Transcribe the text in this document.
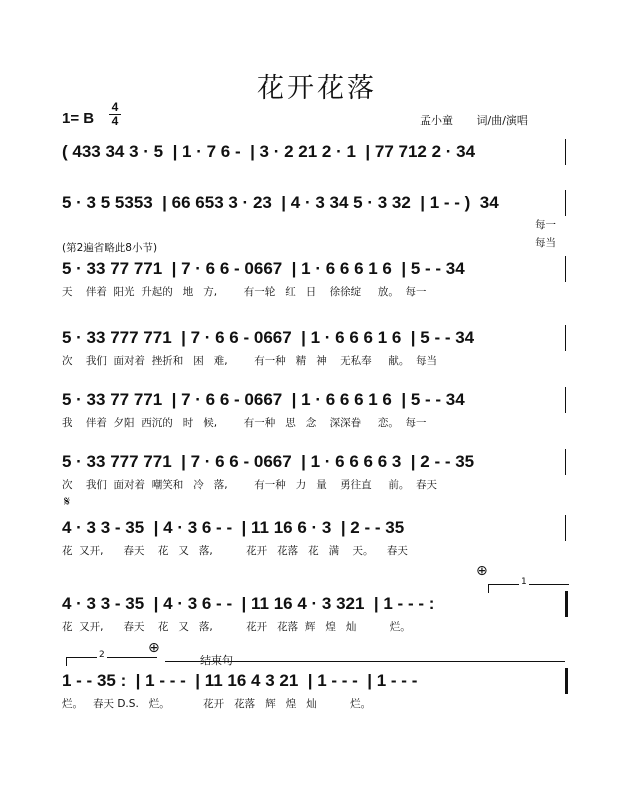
花开花落
1= B
4
4	孟小童 词/曲/演唱
( 433 34 3 · 5  | 1 · 7 6 -  | 3 · 2 21 2 · 1  | 77 712 2 · 34
5 · 3 5 5353  | 66 653 3 · 23  | 4 · 3 34 5 · 3 32  | 1 - - )  34
每一
每当
(第2遍省略此8小节)
5 · 33 77 771  | 7 · 6 6 - 0667  | 1 · 6 6 6 1 6  | 5 - - 34
天    伴着  阳光  升起的   地   方,        有一轮   红   日    徐徐绽     放。  每一
5 · 33 777 771  | 7 · 6 6 - 0667  | 1 · 6 6 6 1 6  | 5 - - 34
次    我们  面对着  挫折和   困   难,        有一种   精   神    无私奉     献。  每当
5 · 33 77 771  | 7 · 6 6 - 0667  | 1 · 6 6 6 1 6  | 5 - - 34
我    伴着  夕阳  西沉的   时   候,        有一种   思   念    深深眷     恋。  每一
5 · 33 777 771  | 7 · 6 6 - 0667  | 1 · 6 6 6 6 3  | 2 - - 35
次    我们  面对着  嘲笑和   冷   落,        有一种   力   量    勇往直     前。  春天
𝄋
4 · 3 3 - 35  | 4 · 3 6 - -  | 11 16 6 · 3  | 2 - - 35
花  又开,      春天    花   又   落,          花开   花落   花   满    天。    春天
⊕
1
4 · 3 3 - 35  | 4 · 3 6 - -  | 11 16 4 · 3 321  | 1 - - - :
花  又开,      春天    花   又   落,          花开   花落  辉   煌   灿          烂。
2	⊕
结束句
1 - - 35 :  | 1 - - -  | 11 16 4 3 21  | 1 - - -  | 1 - - -
烂。   春天 D.S.   烂。          花开   花落   辉   煌   灿          烂。
